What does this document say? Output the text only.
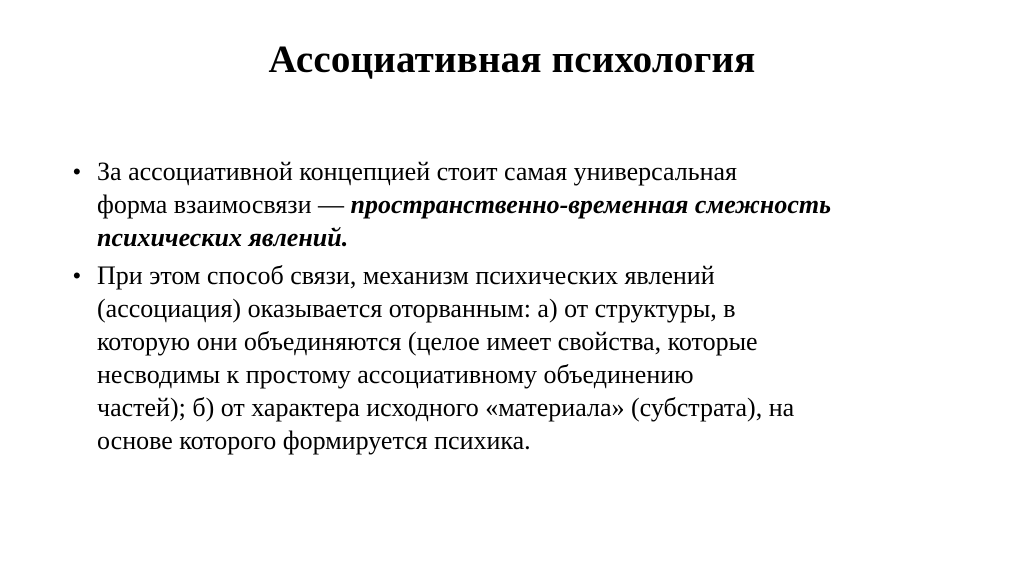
Ассоциативная психология
• За ассоциативной концепцией стоит самая универсальная
форма взаимосвязи — пространственно-временная смежность
психических явлений.
• При этом способ связи, механизм психических явлений
(ассоциация) оказывается оторванным: а) от структуры, в
которую они объединяются (целое имеет свойства, которые
несводимы к простому ассоциативному объединению
частей); б) от характера исходного «материала» (субстрата), на
основе которого формируется психика.
